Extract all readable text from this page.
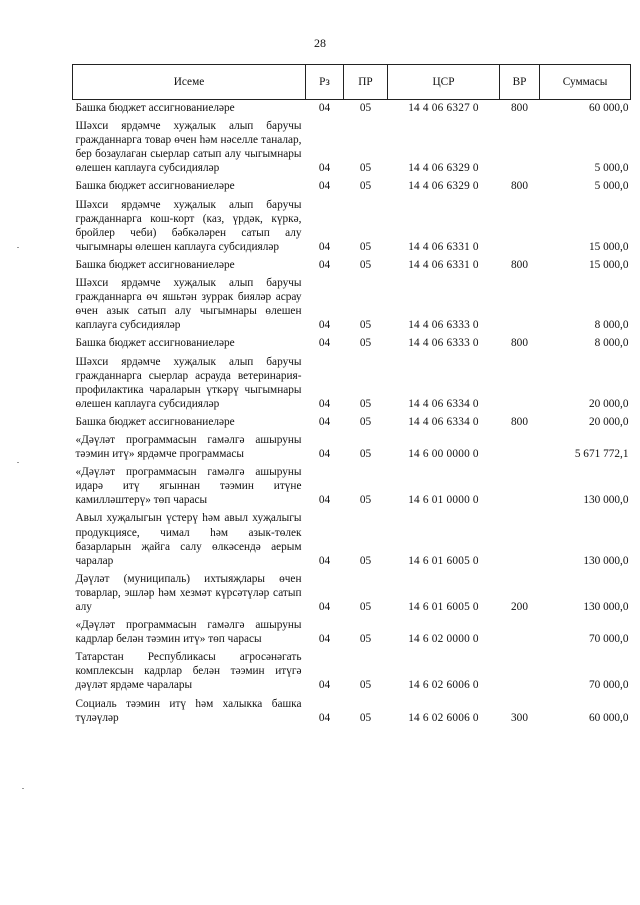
28
Исеме	Рз	ПР	ЦСР	ВР	Суммасы
Башка бюджет ассигнованиеләре	04	05	14 4 06 6327 0	800	60 000,0
Шәхси ярдәмче хуҗалык алып баручы гражданнарга товар өчен һәм нәселле таналар, бер бозаулаган сыерлар сатып алу чыгымнары өлешен каплауга субсидияләр	04	05	14 4 06 6329 0		5 000,0
Башка бюджет ассигнованиеләре	04	05	14 4 06 6329 0	800	5 000,0
Шәхси ярдәмче хуҗалык алып баручы гражданнарга кош-корт (каз, үрдәк, күркә, бройлер чеби) бәбкәләрен сатып алу чыгымнары өлешен каплауга субсидияләр	04	05	14 4 06 6331 0		15 000,0
Башка бюджет ассигнованиеләре	04	05	14 4 06 6331 0	800	15 000,0
Шәхси ярдәмче хуҗалык алып баручы гражданнарга өч яшьтән зуррак бияләр асрау өчен азык сатып алу чыгымнары өлешен каплауга субсидияләр	04	05	14 4 06 6333 0		8 000,0
Башка бюджет ассигнованиеләре	04	05	14 4 06 6333 0	800	8 000,0
Шәхси ярдәмче хуҗалык алып баручы гражданнарга сыерлар асрауда ветеринария-профилактика чараларын үткәрү чыгымнары өлешен каплауга субсидияләр	04	05	14 4 06 6334 0		20 000,0
Башка бюджет ассигнованиеләре	04	05	14 4 06 6334 0	800	20 000,0
«Дәүләт программасын гамәлгә ашыруны тәэмин итү» ярдәмче программасы	04	05	14 6 00 0000 0		5 671 772,1
«Дәүләт программасын гамәлгә ашыруны идарә итү ягыннан тәэмин итүне камилләштерү» төп чарасы	04	05	14 6 01 0000 0		130 000,0
Авыл хуҗалыгын үстерү һәм авыл хуҗалыгы продукциясе, чимал һәм азык-төлек базарларын җайга салу өлкәсендә аерым чаралар	04	05	14 6 01 6005 0		130 000,0
Дәүләт (муниципаль) ихтыяҗлары өчен товарлар, эшләр һәм хезмәт күрсәтүләр сатып алу	04	05	14 6 01 6005 0	200	130 000,0
«Дәүләт программасын гамәлгә ашыруны кадрлар белән тәэмин итү» төп чарасы	04	05	14 6 02 0000 0		70 000,0
Татарстан Республикасы агросәнәгать комплексын кадрлар белән тәэмин итүгә дәүләт ярдәме чаралары	04	05	14 6 02 6006 0		70 000,0
Социаль тәэмин итү һәм халыкка башка түләүләр	04	05	14 6 02 6006 0	300	60 000,0
